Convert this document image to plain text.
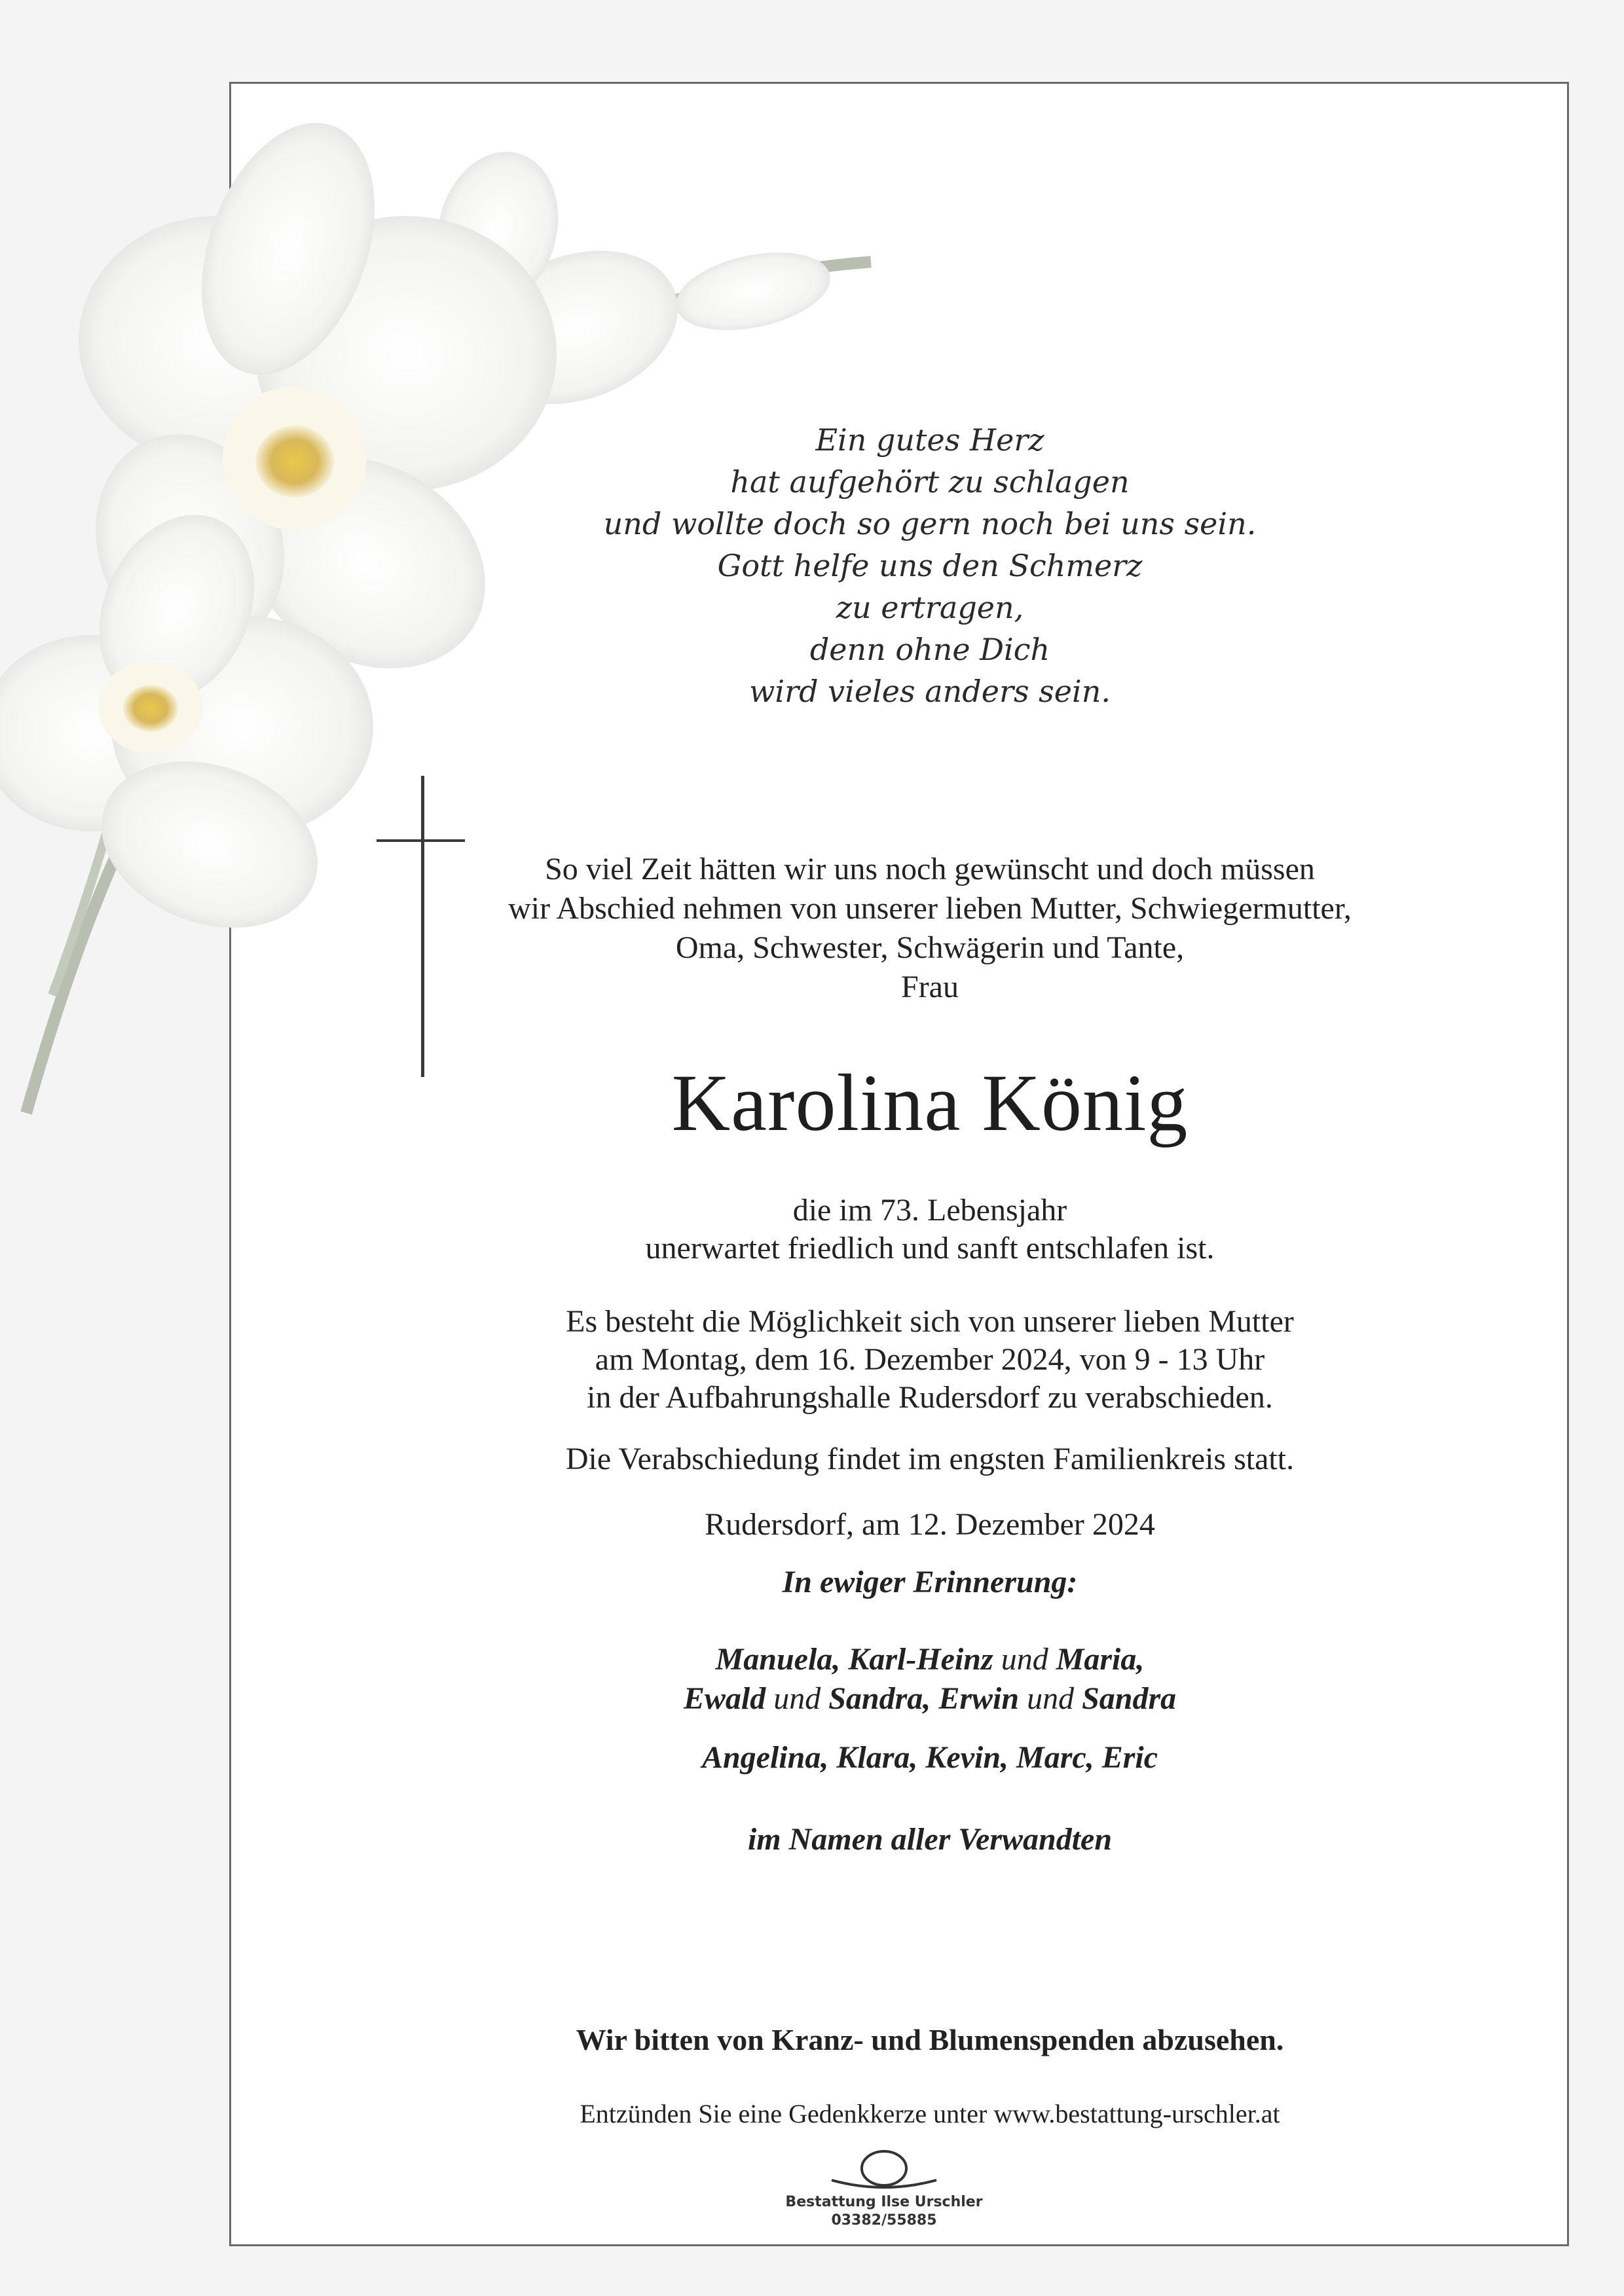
Ein gutes Herz
hat aufgehört zu schlagen
und wollte doch so gern noch bei uns sein.
Gott helfe uns den Schmerz
zu ertragen,
denn ohne Dich
wird vieles anders sein.
So viel Zeit hätten wir uns noch gewünscht und doch müssen
wir Abschied nehmen von unserer lieben Mutter, Schwiegermutter,
Oma, Schwester, Schwägerin und Tante,
Frau
Karolina König
die im 73. Lebensjahr
unerwartet friedlich und sanft entschlafen ist.
Es besteht die Möglichkeit sich von unserer lieben Mutter
am Montag, dem 16. Dezember 2024, von 9 - 13 Uhr
in der Aufbahrungshalle Rudersdorf zu verabschieden.
Die Verabschiedung findet im engsten Familienkreis statt.
Rudersdorf, am 12. Dezember 2024
In ewiger Erinnerung:
Manuela, Karl-Heinz und Maria,
Ewald und Sandra, Erwin und Sandra
Angelina, Klara, Kevin, Marc, Eric
im Namen aller Verwandten
Wir bitten von Kranz- und Blumenspenden abzusehen.
Entzünden Sie eine Gedenkkerze unter www.bestattung-urschler.at
Bestattung Ilse Urschler
03382/55885
